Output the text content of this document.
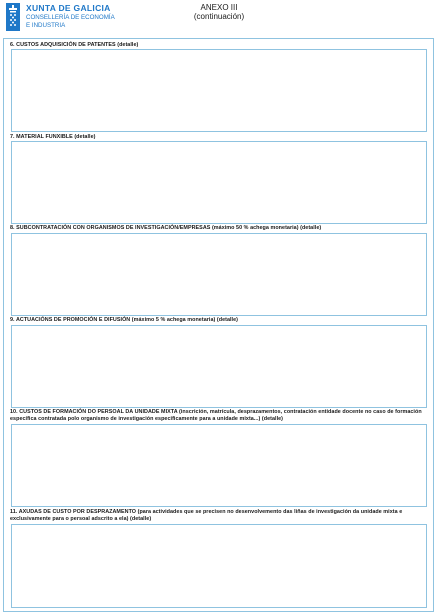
XUNTA DE GALICIA
CONSELLERÍA DE ECONOMÍA
E INDUSTRIA
ANEXO III
(continuación)
6. CUSTOS ADQUISICIÓN DE PATENTES (detalle)
7. MATERIAL FUNXIBLE (detalle)
8. SUBCONTRATACIÓN CON ORGANISMOS DE INVESTIGACIÓN/EMPRESAS (máximo 50 % achega monetaria) (detalle)
9. ACTUACIÓNS DE PROMOCIÓN E DIFUSIÓN (máximo 5 % achega monetaria) (detalle)
10. CUSTOS DE FORMACIÓN DO PERSOAL DA UNIDADE MIXTA (inscrición, matrícula, desprazamentos, contratación entidade docente no caso de formación específica contratada polo organismo de investigación especificamente para a unidade mixta...) (detalle)
11. AXUDAS DE CUSTO POR DESPRAZAMENTO (para actividades que se precisen no desenvolvemento das liñas de investigación da unidade mixta e exclusivamente para o persoal adscrito a ela) (detalle)
